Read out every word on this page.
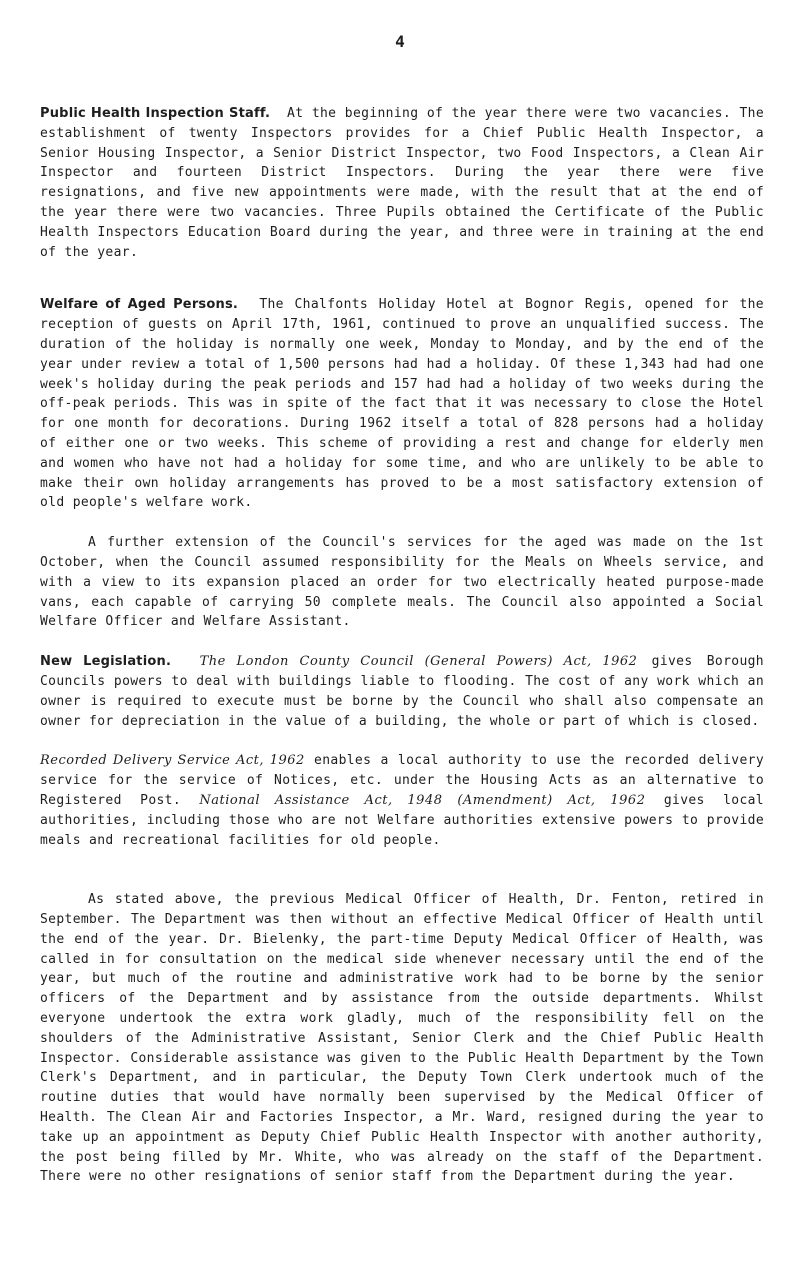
4

Public Health Inspection Staff. At the beginning of the year there were two vacancies. The establishment of twenty Inspectors provides for a Chief Public Health Inspector, a Senior Housing Inspector, a Senior District Inspector, two Food Inspectors, a Clean Air Inspector and fourteen District Inspectors. During the year there were five resignations, and five new appointments were made, with the result that at the end of the year there were two vacancies. Three Pupils obtained the Certificate of the Public Health Inspectors Education Board during the year, and three were in training at the end of the year.

Welfare of Aged Persons. The Chalfonts Holiday Hotel at Bognor Regis, opened for the reception of guests on April 17th, 1961, continued to prove an unqualified success. The duration of the holiday is normally one week, Monday to Monday, and by the end of the year under review a total of 1,500 persons had had a holiday. Of these 1,343 had had one week's holiday during the peak periods and 157 had had a holiday of two weeks during the off-peak periods. This was in spite of the fact that it was necessary to close the Hotel for one month for decorations. During 1962 itself a total of 828 persons had a holiday of either one or two weeks. This scheme of providing a rest and change for elderly men and women who have not had a holiday for some time, and who are unlikely to be able to make their own holiday arrangements has proved to be a most satisfactory extension of old people's welfare work.

A further extension of the Council's services for the aged was made on the 1st October, when the Council assumed responsibility for the Meals on Wheels service, and with a view to its expansion placed an order for two electrically heated purpose-made vans, each capable of carrying 50 complete meals. The Council also appointed a Social Welfare Officer and Welfare Assistant.

New Legislation. The London County Council (General Powers) Act, 1962 gives Borough Councils powers to deal with buildings liable to flooding. The cost of any work which an owner is required to execute must be borne by the Council who shall also compensate an owner for depreciation in the value of a building, the whole or part of which is closed.

Recorded Delivery Service Act, 1962 enables a local authority to use the recorded delivery service for the service of Notices, etc. under the Housing Acts as an alternative to Registered Post. National Assistance Act, 1948 (Amendment) Act, 1962 gives local authorities, including those who are not Welfare authorities extensive powers to provide meals and recreational facilities for old people.

As stated above, the previous Medical Officer of Health, Dr. Fenton, retired in September. The Department was then without an effective Medical Officer of Health until the end of the year. Dr. Bielenky, the part-time Deputy Medical Officer of Health, was called in for consultation on the medical side whenever necessary until the end of the year, but much of the routine and administrative work had to be borne by the senior officers of the Department and by assistance from the outside departments. Whilst everyone undertook the extra work gladly, much of the responsibility fell on the shoulders of the Administrative Assistant, Senior Clerk and the Chief Public Health Inspector. Considerable assistance was given to the Public Health Department by the Town Clerk's Department, and in particular, the Deputy Town Clerk undertook much of the routine duties that would have normally been supervised by the Medical Officer of Health. The Clean Air and Factories Inspector, a Mr. Ward, resigned during the year to take up an appointment as Deputy Chief Public Health Inspector with another authority, the post being filled by Mr. White, who was already on the staff of the Department. There were no other resignations of senior staff from the Department during the year.
